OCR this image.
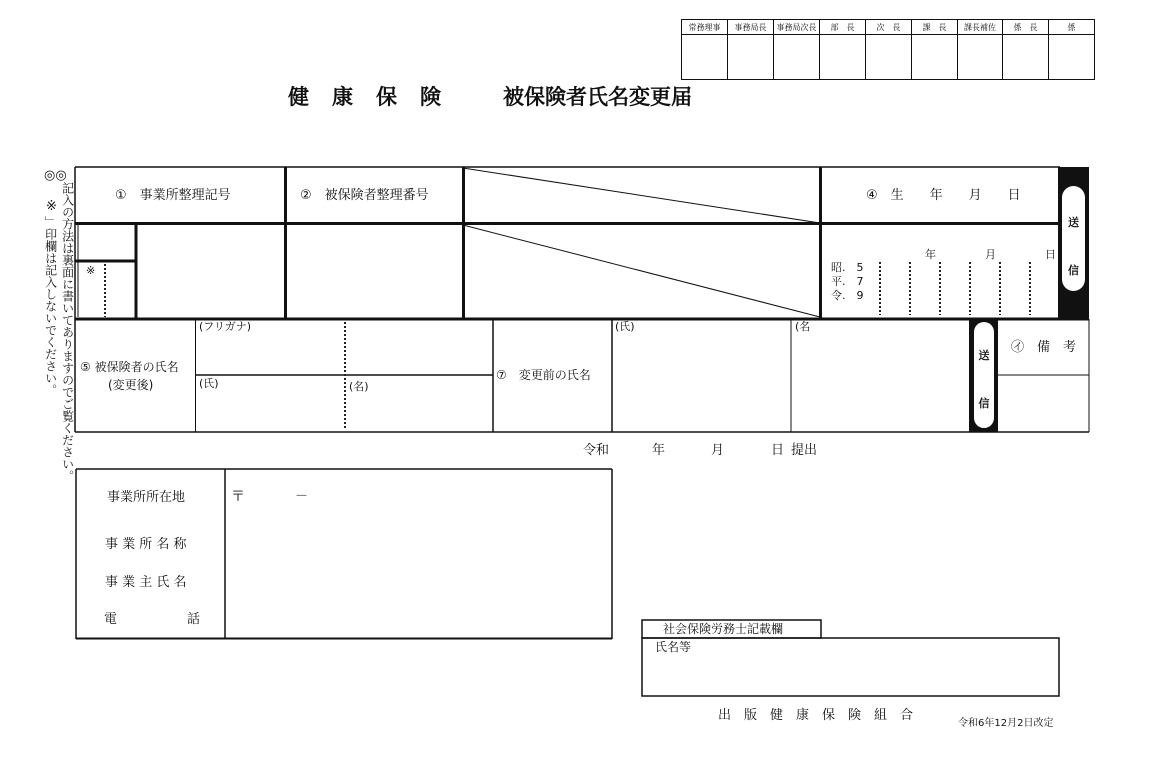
常務理事	事務局長	事務局次長	部　長	次　長	課　長	課長補佐	係　長	係

健　康　保　険	被保険者氏名変更届
◎◎
記入の方法は裏面に書いてありますのでご覧ください。
※
」印欄は記入しないでください。
①　事業所整理記号	②　被保険者整理番号	④　生　　年　　月　　日
送
信
※
年	月	日
昭.　5
平.　7
令.　9
⑤ 被保険者の氏名
(変更後)
(フリガナ)
(氏)	(名)
⑦　変更前の氏名
(氏)	(名
送
信
㋑　備　考
令和	年	月	日 提出
事業所所在地	〒	－
事 業 所 名 称
事 業 主 氏 名
電	話
社会保険労務士記載欄
氏名等
出　版　健　康　保　険　組　合
令和6年12月2日改定
